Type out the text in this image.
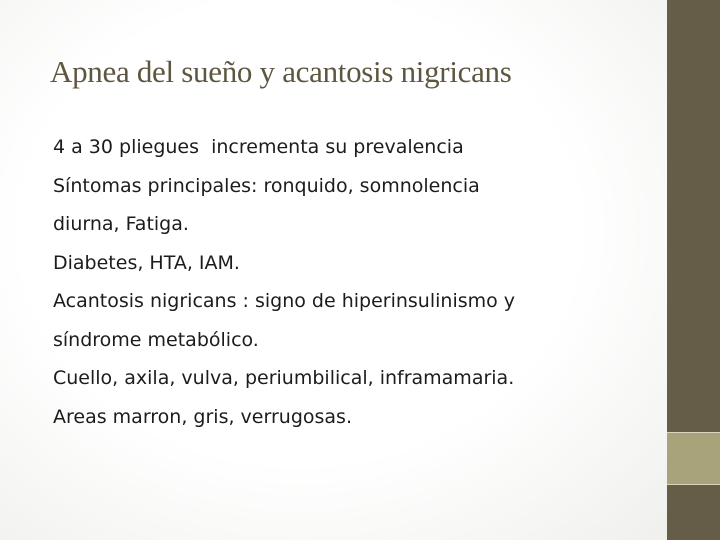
Apnea del sueño y acantosis nigricans
4 a 30 pliegues  incrementa su prevalencia
Síntomas principales: ronquido, somnolencia
diurna, Fatiga.
Diabetes, HTA, IAM.
Acantosis nigricans : signo de hiperinsulinismo y
síndrome metabólico.
Cuello, axila, vulva, periumbilical, inframamaria.
Areas marron, gris, verrugosas.
